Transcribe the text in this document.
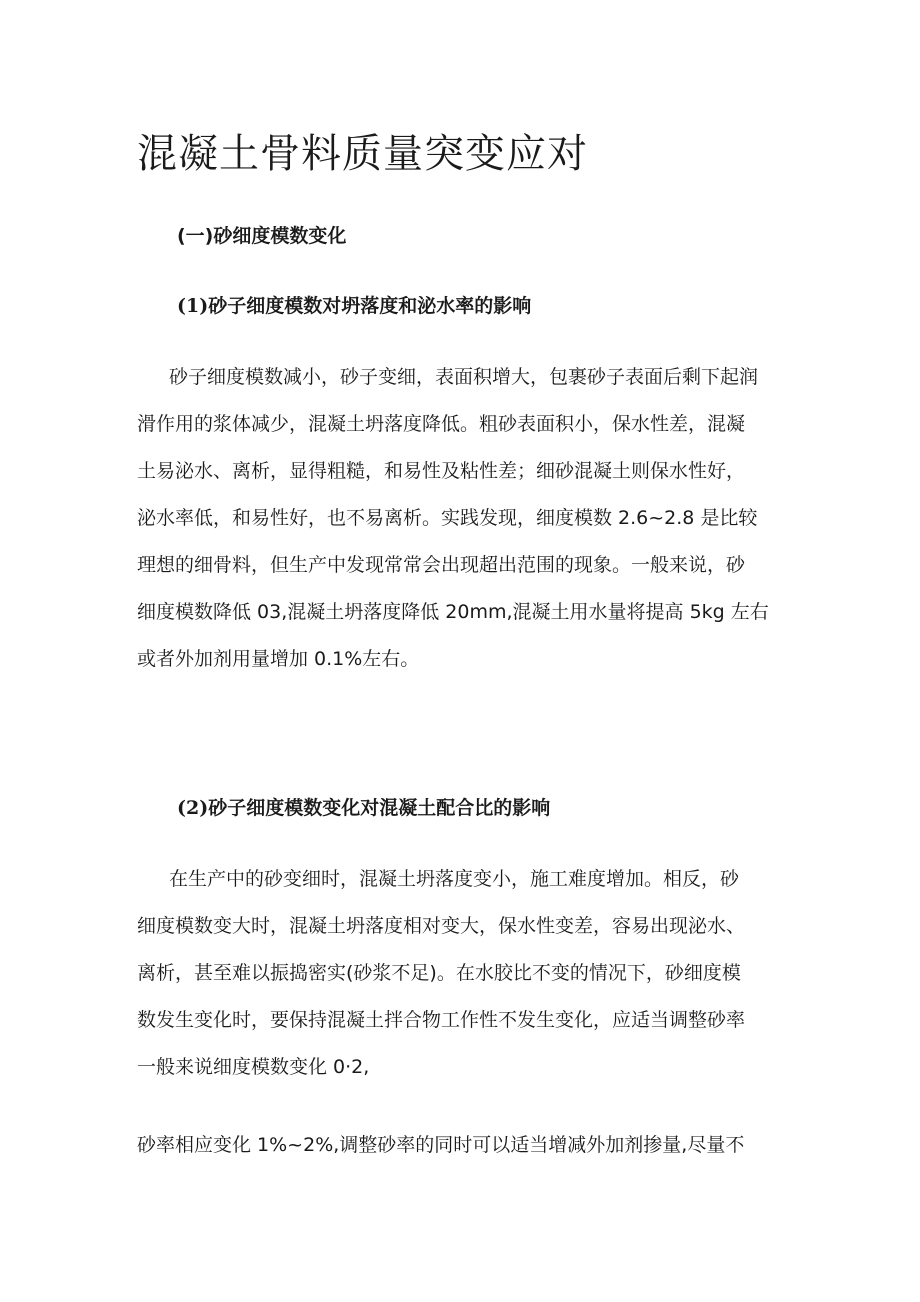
混凝土骨料质量突变应对
(一)砂细度模数变化
(1)砂子细度模数对坍落度和泌水率的影响
砂子细度模数减小，砂子变细，表面积增大，包裹砂子表面后剩下起润
滑作用的浆体减少，混凝土坍落度降低。粗砂表面积小，保水性差，混凝
土易泌水、离析，显得粗糙，和易性及粘性差；细砂混凝土则保水性好，
泌水率低，和易性好，也不易离析。实践发现，细度模数 2.6~2.8 是比较
理想的细骨料，但生产中发现常常会出现超出范围的现象。一般来说，砂
细度模数降低 03,混凝土坍落度降低 20mm,混凝土用水量将提高 5kg 左右
或者外加剂用量增加 0.1%左右。
(2)砂子细度模数变化对混凝土配合比的影响
在生产中的砂变细时，混凝土坍落度变小，施工难度增加。相反，砂
细度模数变大时，混凝土坍落度相对变大，保水性变差，容易出现泌水、
离析，甚至难以振捣密实(砂浆不足)。在水胶比不变的情况下，砂细度模
数发生变化时，要保持混凝土拌合物工作性不发生变化，应适当调整砂率
一般来说细度模数变化 0·2,
砂率相应变化 1%~2%,调整砂率的同时可以适当增减外加剂掺量,尽量不
